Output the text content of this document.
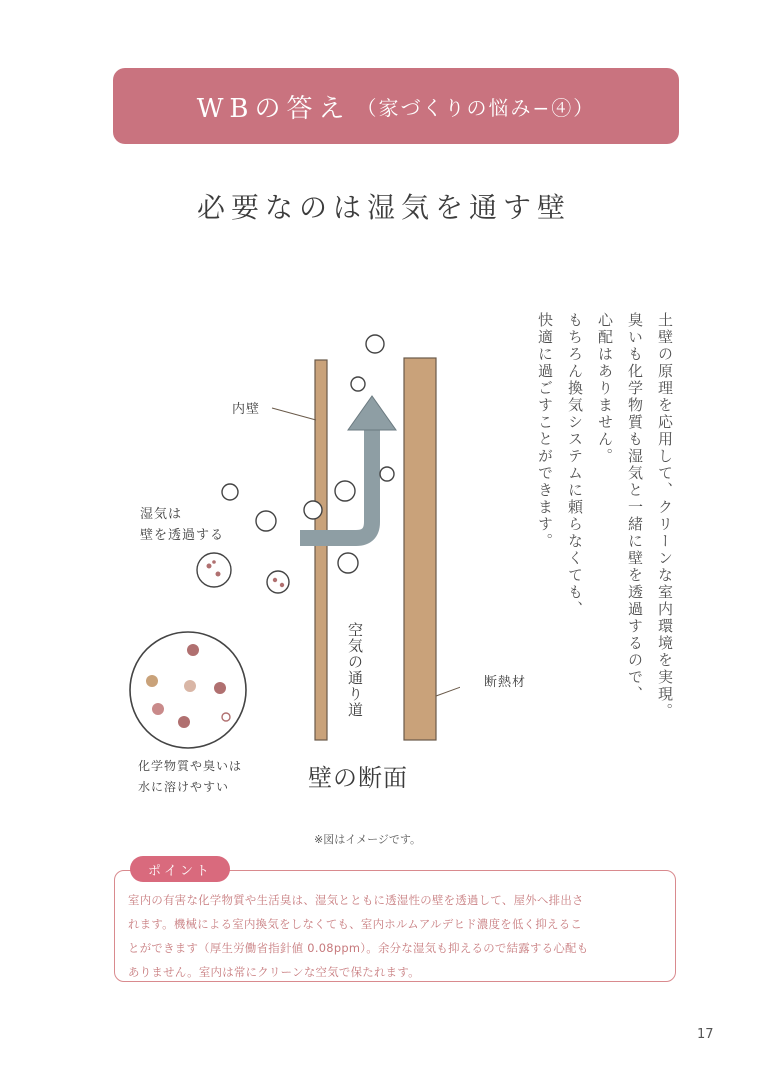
WBの答え （家づくりの悩み−④）
必要なのは湿気を通す壁
土壁の原理を応用して、クリーンな室内環境を実現。
臭いも化学物質も湿気と一緒に壁を透過するので、
心配はありません。
もちろん換気システムに頼らなくても、
快適に過ごすことができます。
内壁
湿気は
壁を透過する
空気の通り道	断熱材
化学物質や臭いは
水に溶けやすい	壁の断面
※図はイメージです。
ポイント
室内の有害な化学物質や生活臭は、湿気とともに透湿性の壁を透過して、屋外へ排出さ
れます。機械による室内換気をしなくても、室内ホルムアルデヒド濃度を低く抑えるこ
とができます（厚生労働省指針値 0.08ppm）。余分な湿気も抑えるので結露する心配も
ありません。室内は常にクリーンな空気で保たれます。
17
